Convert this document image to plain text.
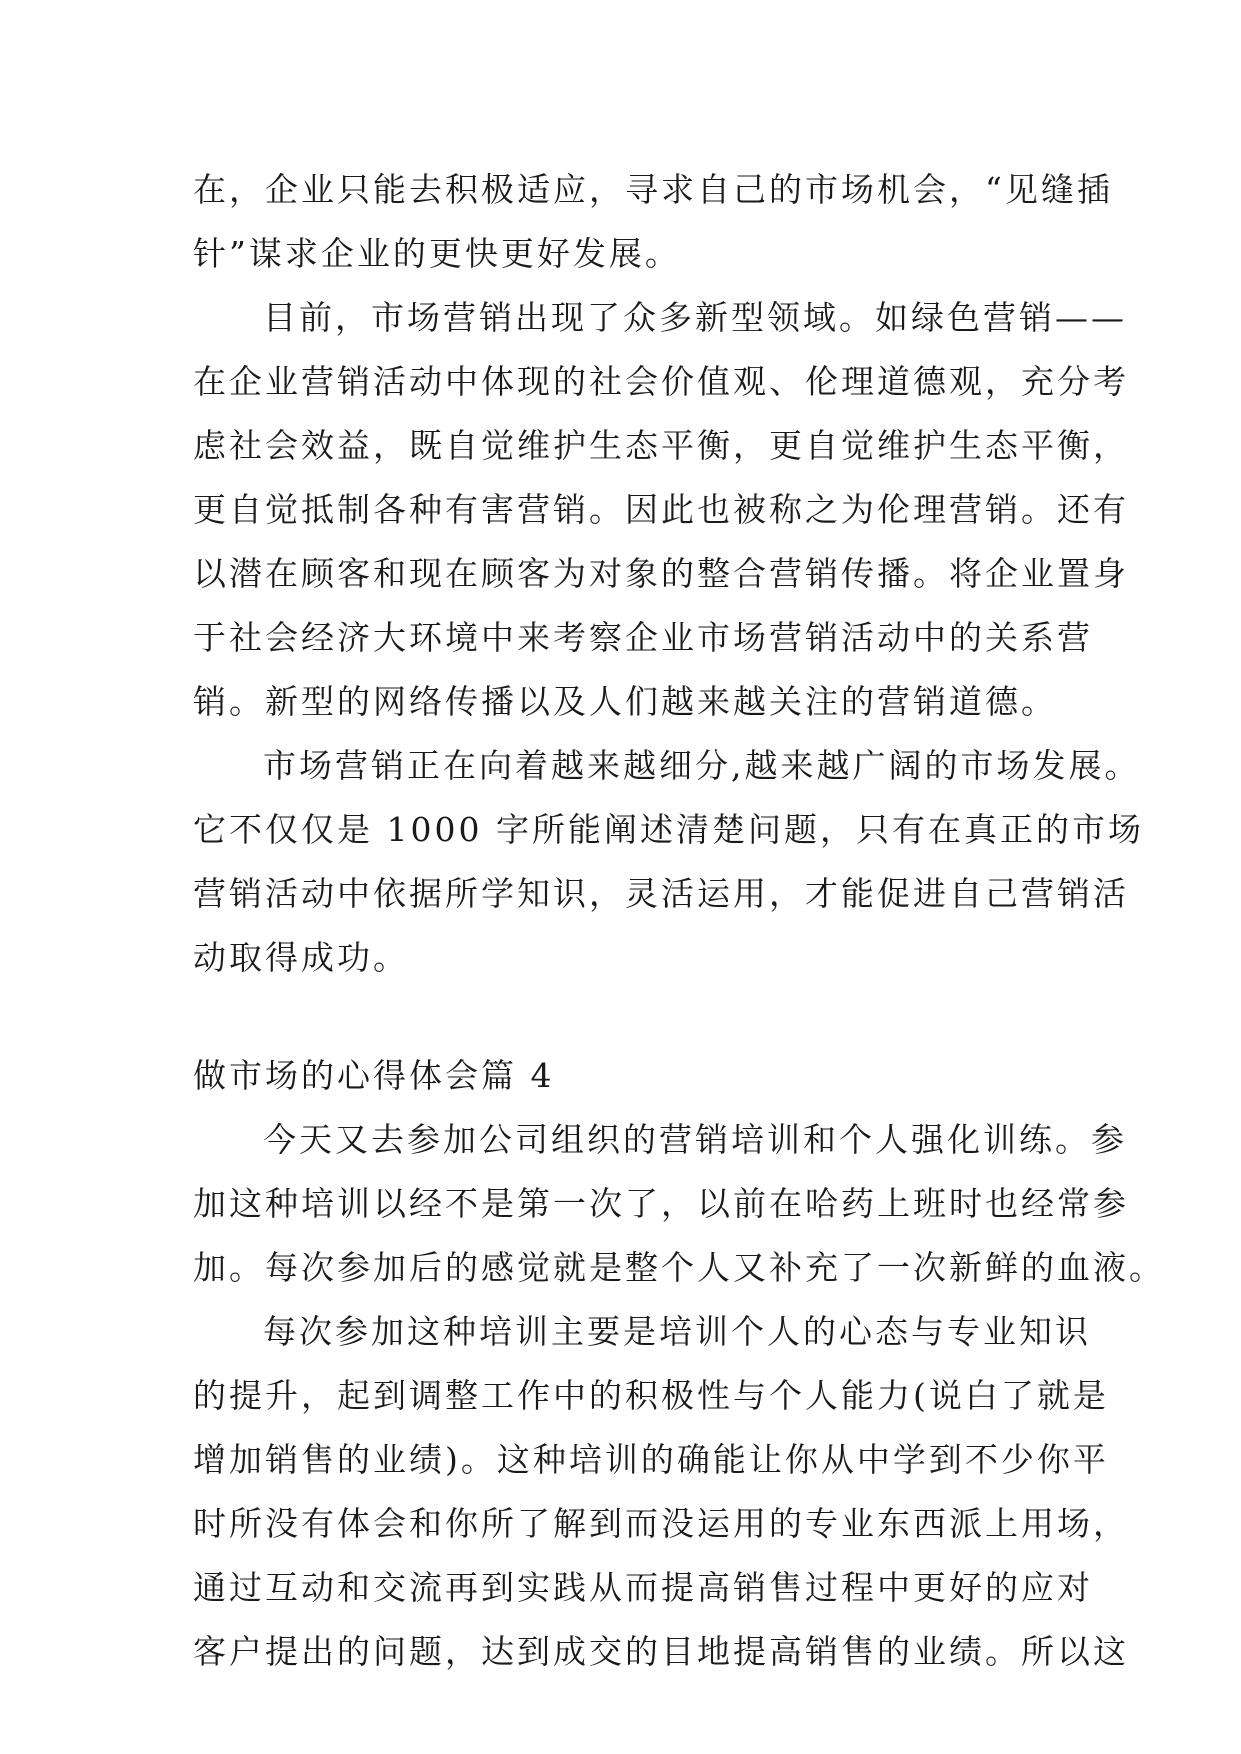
在，企业只能去积极适应，寻求自己的市场机会，“见缝插
针”谋求企业的更快更好发展。
目前，市场营销出现了众多新型领域。如绿色营销——
在企业营销活动中体现的社会价值观、伦理道德观，充分考
虑社会效益，既自觉维护生态平衡，更自觉维护生态平衡，
更自觉抵制各种有害营销。因此也被称之为伦理营销。还有
以潜在顾客和现在顾客为对象的整合营销传播。将企业置身
于社会经济大环境中来考察企业市场营销活动中的关系营
销。新型的网络传播以及人们越来越关注的营销道德。
市场营销正在向着越来越细分,越来越广阔的市场发展。
它不仅仅是 1000 字所能阐述清楚问题，只有在真正的市场
营销活动中依据所学知识，灵活运用，才能促进自己营销活
动取得成功。
做市场的心得体会篇 4
今天又去参加公司组织的营销培训和个人强化训练。参
加这种培训以经不是第一次了，以前在哈药上班时也经常参
加。每次参加后的感觉就是整个人又补充了一次新鲜的血液。
每次参加这种培训主要是培训个人的心态与专业知识
的提升，起到调整工作中的积极性与个人能力(说白了就是
增加销售的业绩)。这种培训的确能让你从中学到不少你平
时所没有体会和你所了解到而没运用的专业东西派上用场，
通过互动和交流再到实践从而提高销售过程中更好的应对
客户提出的问题，达到成交的目地提高销售的业绩。所以这
